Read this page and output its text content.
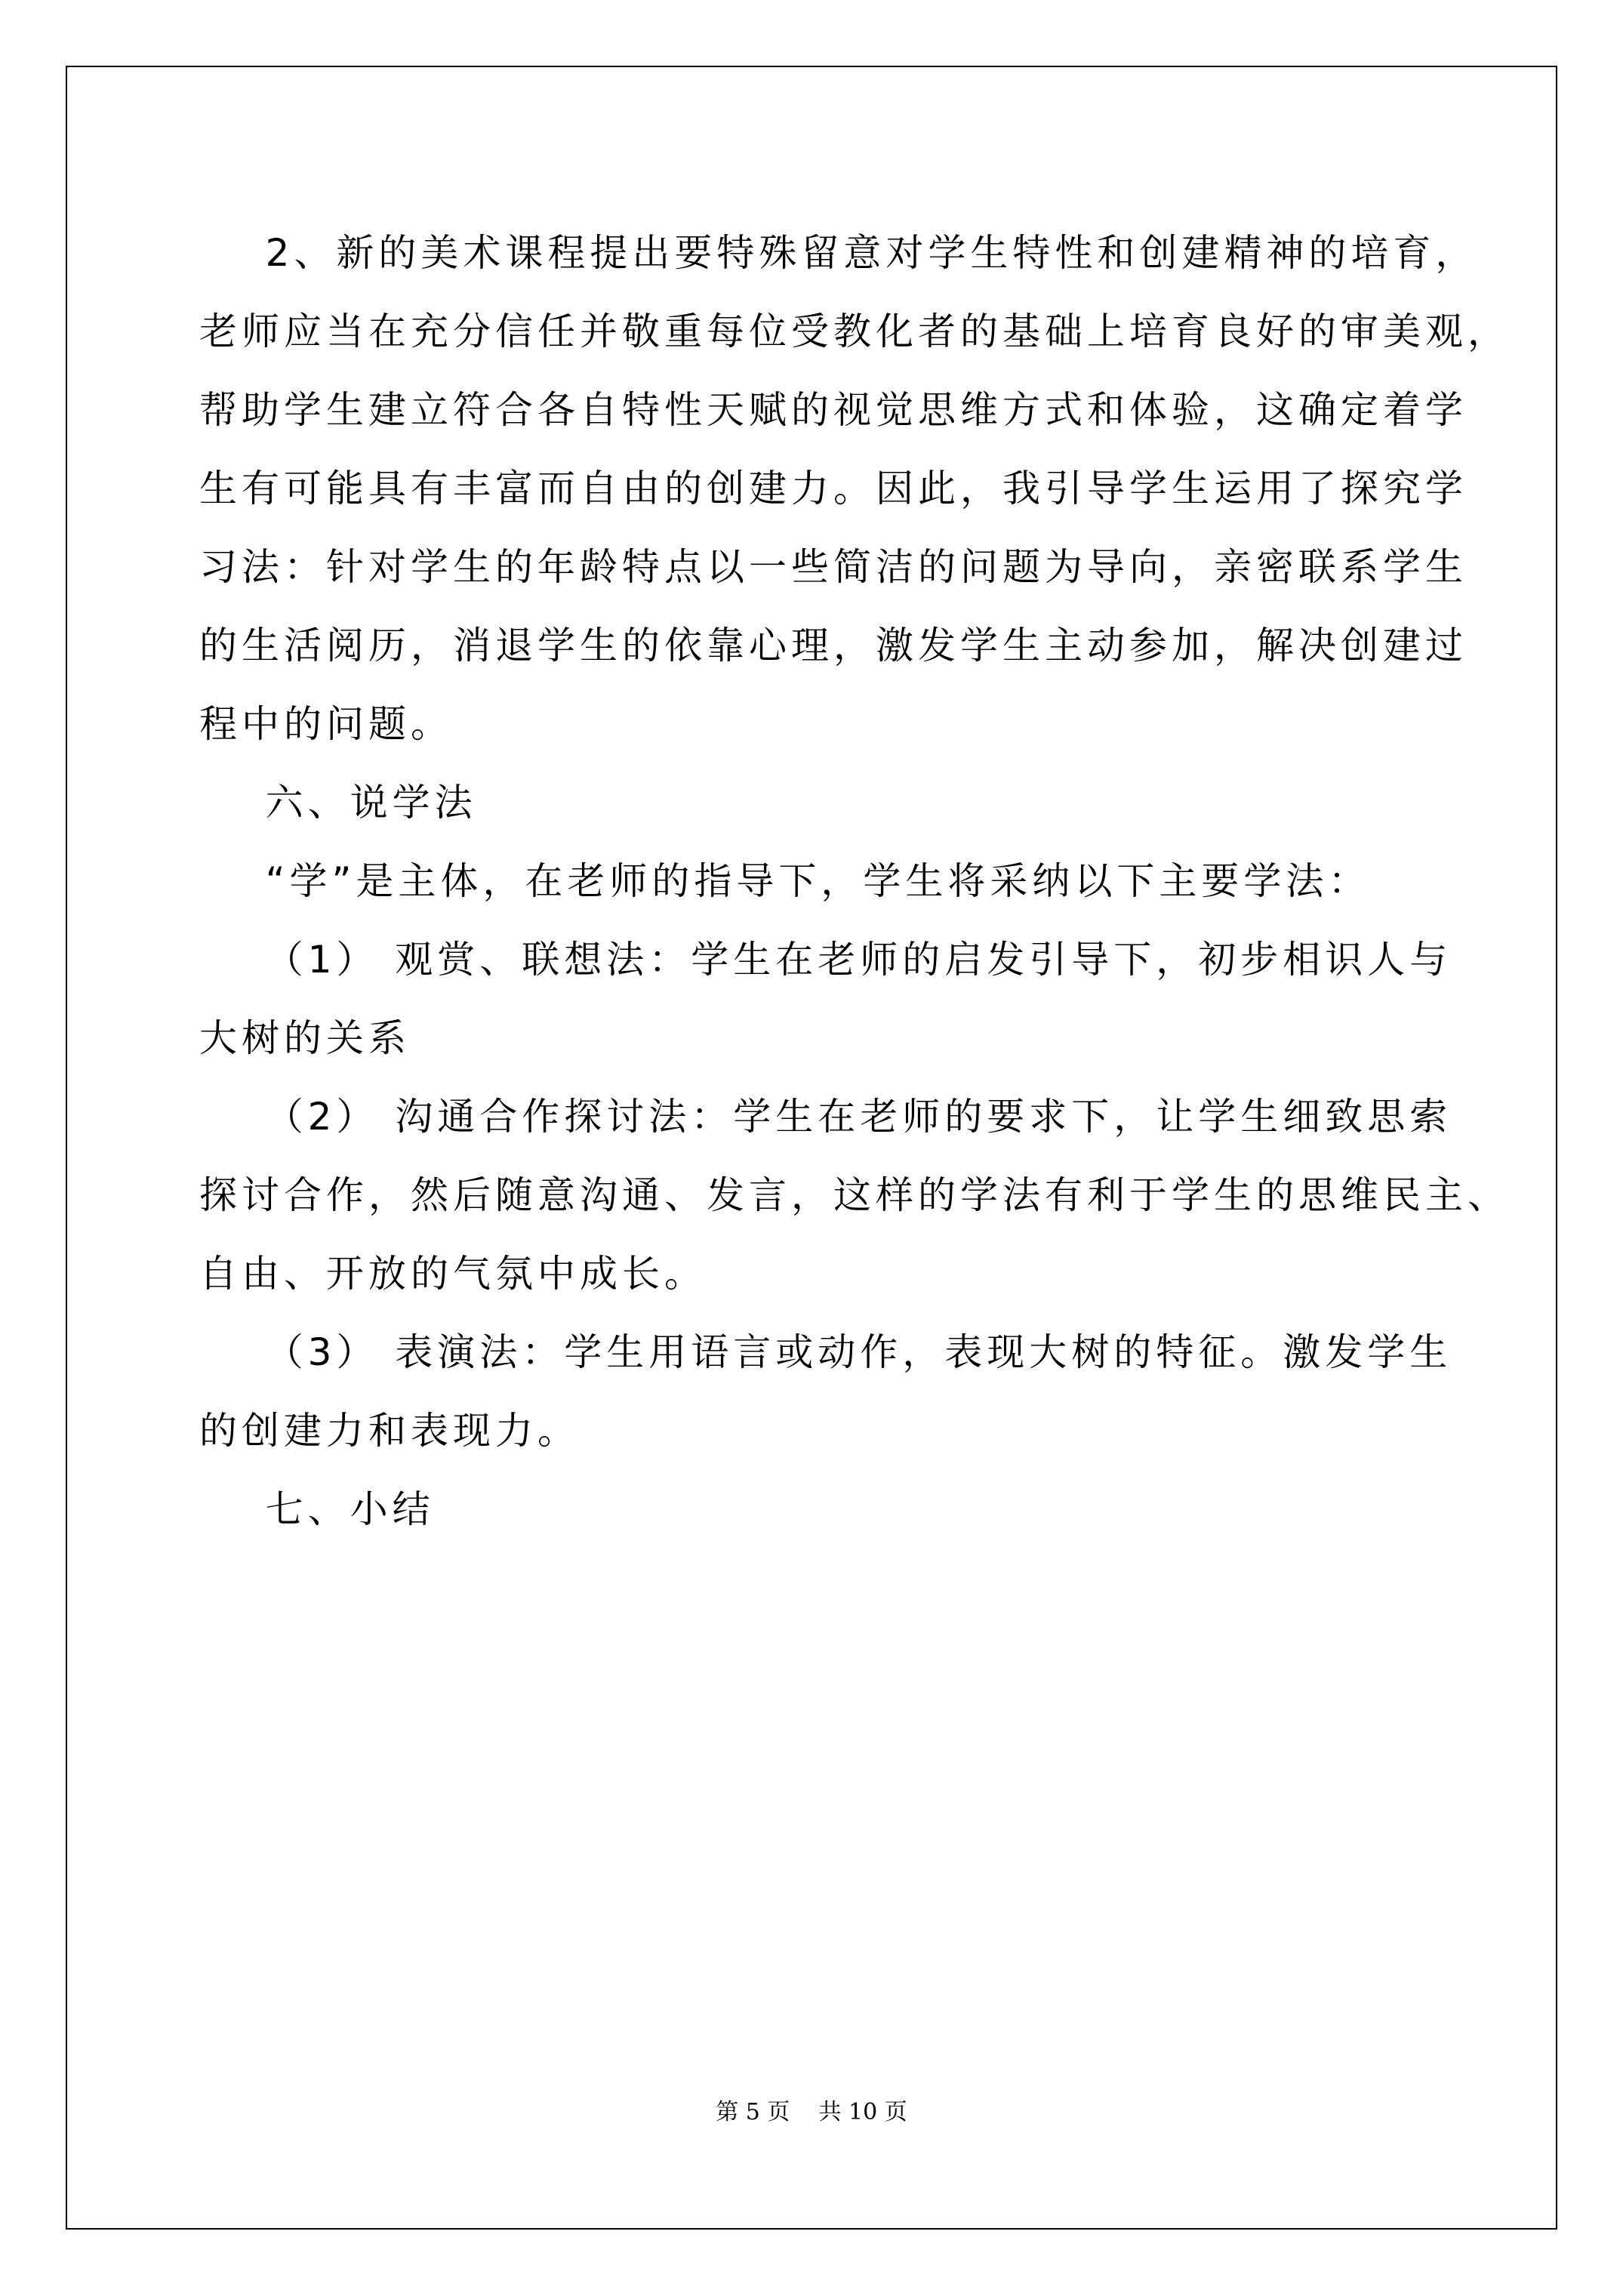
2、新的美术课程提出要特殊留意对学生特性和创建精神的培育，

老师应当在充分信任并敬重每位受教化者的基础上培育良好的审美观，

帮助学生建立符合各自特性天赋的视觉思维方式和体验，这确定着学

生有可能具有丰富而自由的创建力。因此，我引导学生运用了探究学

习法：针对学生的年龄特点以一些简洁的问题为导向，亲密联系学生

的生活阅历，消退学生的依靠心理，激发学生主动参加，解决创建过

程中的问题。

六、说学法

“学”是主体，在老师的指导下，学生将采纳以下主要学法：

（1） 观赏、联想法：学生在老师的启发引导下，初步相识人与

大树的关系

（2） 沟通合作探讨法：学生在老师的要求下，让学生细致思索

探讨合作，然后随意沟通、发言，这样的学法有利于学生的思维民主、

自由、开放的气氛中成长。

（3） 表演法：学生用语言或动作，表现大树的特征。激发学生

的创建力和表现力。

七、小结

第 5 页    共 10 页
